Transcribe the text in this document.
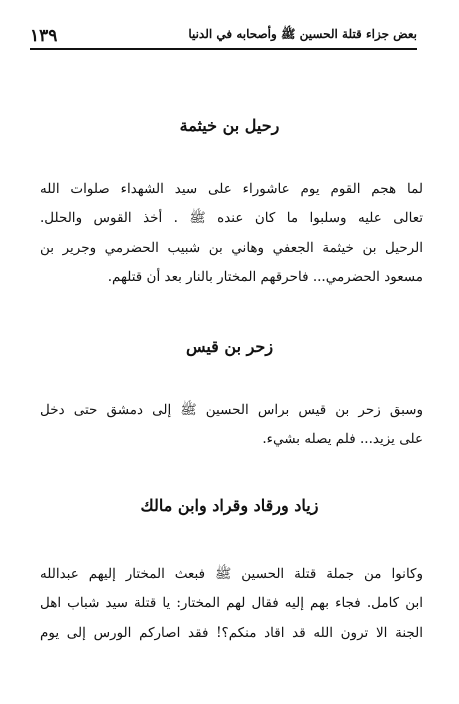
بعض جزاء قتلة الحسين ﷺ وأصحابه في الدنيا
١٣٩
رحيل بن خيثمة
لما هجم القوم يوم عاشوراء على سيد الشهداء صلوات الله
تعالى عليه وسلبوا ما كان عنده ﷺ . أخذ القوس والحلل.
الرحيل بن خيثمة الجعفي وهاني بن شبيب الحضرمي وجرير بن
مسعود الحضرمي... فاحرقهم المختار بالنار بعد أن قتلهم.
زحر بن قيس
وسبق زحر بن قيس براس الحسين ﷺ إلى دمشق حتى دخل
على يزيد... فلم يصله بشيء.
زياد ورقاد وقراد وابن مالك
وكانوا من جملة قتلة الحسين ﷺ فبعث المختار إليهم عبدالله
ابن كامل. فجاء بهم إليه فقال لهم المختار: يا قتلة سيد شباب اهل
الجنة الا ترون الله قد اقاد منكم؟! فقد اصاركم الورس إلى يوم
